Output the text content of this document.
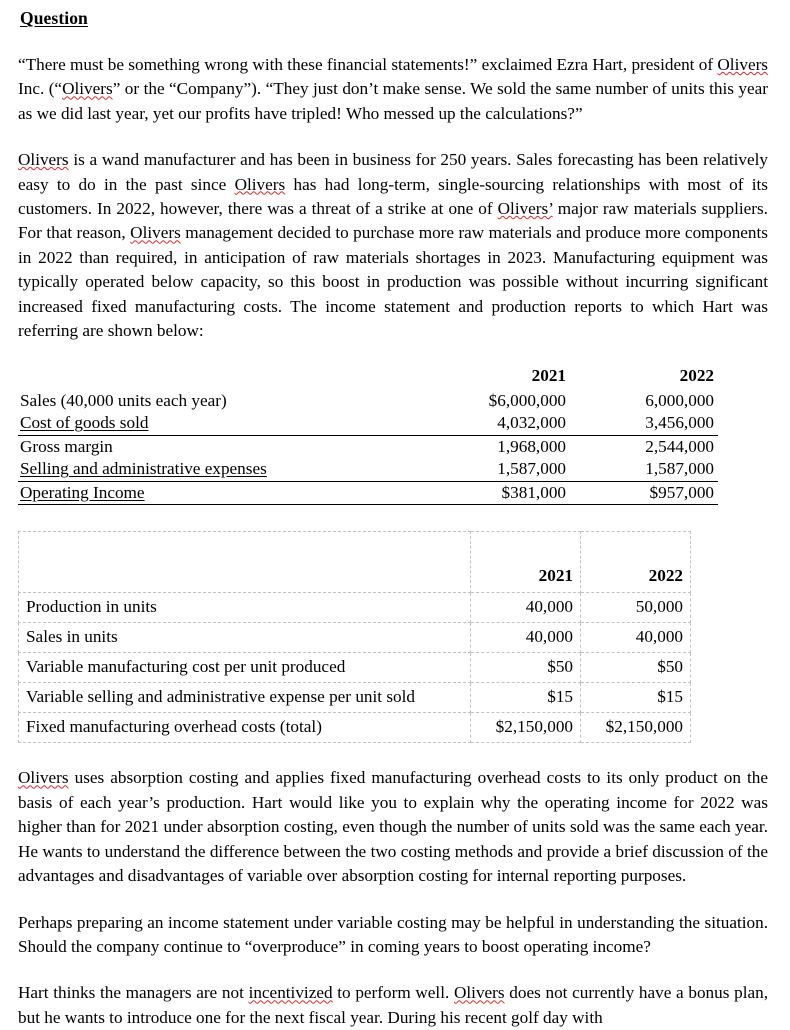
Question

“There must be something wrong with these financial statements!” exclaimed Ezra Hart, president of Olivers Inc. (“Olivers” or the “Company”). “They just don’t make sense. We sold the same number of units this year as we did last year, yet our profits have tripled! Who messed up the calculations?”

Olivers is a wand manufacturer and has been in business for 250 years. Sales forecasting has been relatively easy to do in the past since Olivers has had long-term, single-sourcing relationships with most of its customers. In 2022, however, there was a threat of a strike at one of Olivers’ major raw materials suppliers. For that reason, Olivers management decided to purchase more raw materials and produce more components in 2022 than required, in anticipation of raw materials shortages in 2023. Manufacturing equipment was typically operated below capacity, so this boost in production was possible without incurring significant increased fixed manufacturing costs. The income statement and production reports to which Hart was referring are shown below:

	2021	2022
Sales (40,000 units each year)	$6,000,000	6,000,000
Cost of goods sold	4,032,000	3,456,000
Gross margin	1,968,000	2,544,000
Selling and administrative expenses	1,587,000	1,587,000
Operating Income	$381,000	$957,000
	2021	2022
Production in units	40,000	50,000
Sales in units	40,000	40,000
Variable manufacturing cost per unit produced	$50	$50
Variable selling and administrative expense per unit sold	$15	$15
Fixed manufacturing overhead costs (total)	$2,150,000	$2,150,000

Olivers uses absorption costing and applies fixed manufacturing overhead costs to its only product on the basis of each year’s production. Hart would like you to explain why the operating income for 2022 was higher than for 2021 under absorption costing, even though the number of units sold was the same each year. He wants to understand the difference between the two costing methods and provide a brief discussion of the advantages and disadvantages of variable over absorption costing for internal reporting purposes.

Perhaps preparing an income statement under variable costing may be helpful in understanding the situation. Should the company continue to “overproduce” in coming years to boost operating income?

Hart thinks the managers are not incentivized to perform well. Olivers does not currently have a bonus plan, but he wants to introduce one for the next fiscal year. During his recent golf day with
